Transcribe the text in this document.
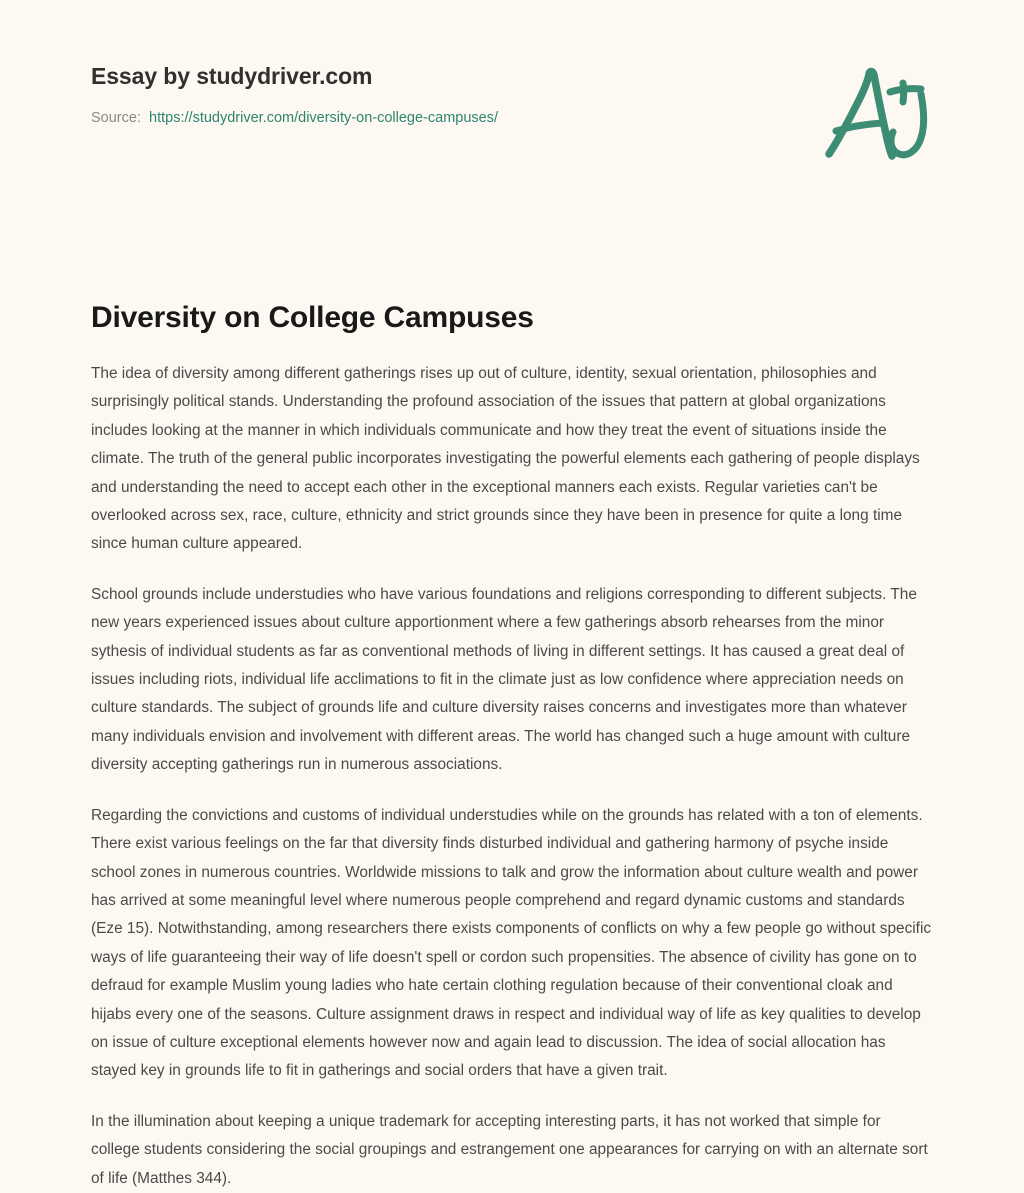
Essay by studydriver.com
Source: https://studydriver.com/diversity-on-college-campuses/
Diversity on College Campuses

The idea of diversity among different gatherings rises up out of culture, identity, sexual orientation, philosophies and surprisingly political stands. Understanding the profound association of the issues that pattern at global organizations includes looking at the manner in which individuals communicate and how they treat the event of situations inside the climate. The truth of the general public incorporates investigating the powerful elements each gathering of people displays and understanding the need to accept each other in the exceptional manners each exists. Regular varieties can't be overlooked across sex, race, culture, ethnicity and strict grounds since they have been in presence for quite a long time since human culture appeared.

School grounds include understudies who have various foundations and religions corresponding to different subjects. The new years experienced issues about culture apportionment where a few gatherings absorb rehearses from the minor sythesis of individual students as far as conventional methods of living in different settings. It has caused a great deal of issues including riots, individual life acclimations to fit in the climate just as low confidence where appreciation needs on culture standards. The subject of grounds life and culture diversity raises concerns and investigates more than whatever many individuals envision and involvement with different areas. The world has changed such a huge amount with culture diversity accepting gatherings run in numerous associations.

Regarding the convictions and customs of individual understudies while on the grounds has related with a ton of elements. There exist various feelings on the far that diversity finds disturbed individual and gathering harmony of psyche inside school zones in numerous countries. Worldwide missions to talk and grow the information about culture wealth and power has arrived at some meaningful level where numerous people comprehend and regard dynamic customs and standards (Eze 15). Notwithstanding, among researchers there exists components of conflicts on why a few people go without specific ways of life guaranteeing their way of life doesn't spell or cordon such propensities. The absence of civility has gone on to defraud for example Muslim young ladies who hate certain clothing regulation because of their conventional cloak and hijabs every one of the seasons. Culture assignment draws in respect and individual way of life as key qualities to develop on issue of culture exceptional elements however now and again lead to discussion. The idea of social allocation has stayed key in grounds life to fit in gatherings and social orders that have a given trait.

In the illumination about keeping a unique trademark for accepting interesting parts, it has not worked that simple for college students considering the social groupings and estrangement one appearances for carrying on with an alternate sort of life (Matthes 344).
